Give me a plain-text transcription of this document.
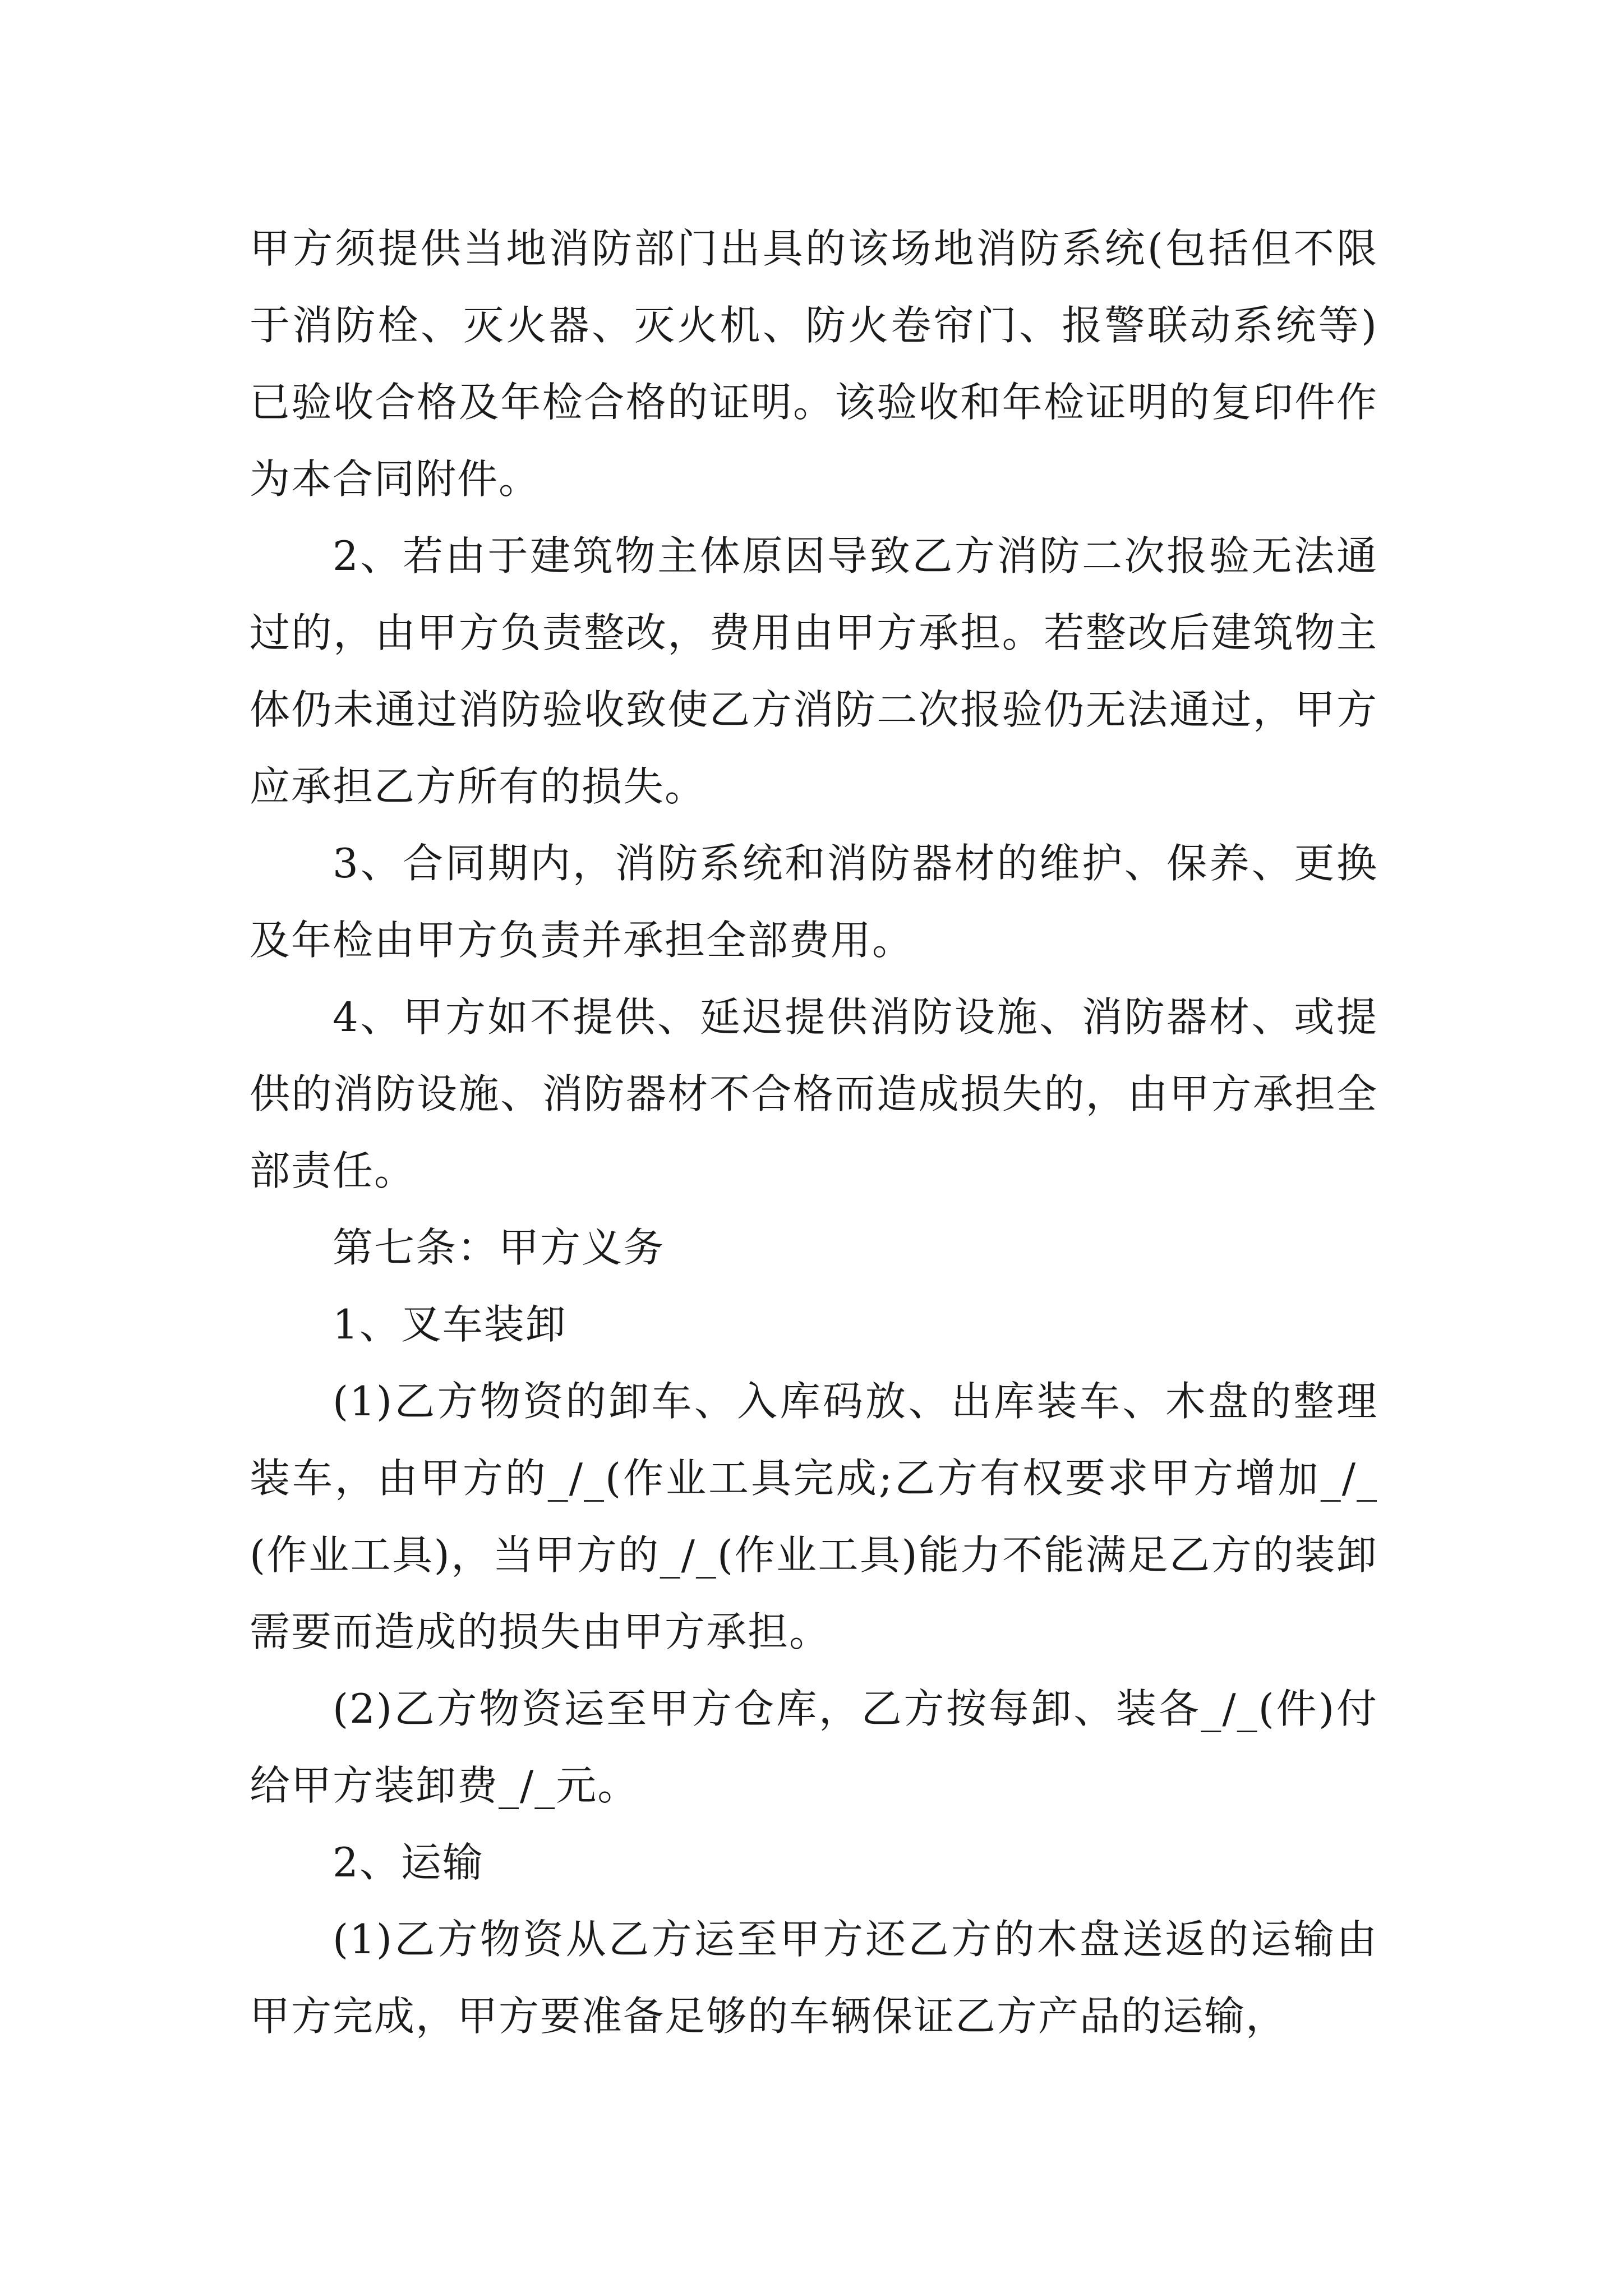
甲方须提供当地消防部门出具的该场地消防系统(包括但不限于消防栓、灭火器、灭火机、防火卷帘门、报警联动系统等)已验收合格及年检合格的证明。该验收和年检证明的复印件作为本合同附件。

2、若由于建筑物主体原因导致乙方消防二次报验无法通过的，由甲方负责整改，费用由甲方承担。若整改后建筑物主体仍未通过消防验收致使乙方消防二次报验仍无法通过，甲方应承担乙方所有的损失。

3、合同期内，消防系统和消防器材的维护、保养、更换及年检由甲方负责并承担全部费用。

4、甲方如不提供、延迟提供消防设施、消防器材、或提供的消防设施、消防器材不合格而造成损失的，由甲方承担全部责任。

第七条：甲方义务

1、叉车装卸

(1)乙方物资的卸车、入库码放、出库装车、木盘的整理装车，由甲方的_/_(作业工具完成;乙方有权要求甲方增加_/_(作业工具)，当甲方的_/_(作业工具)能力不能满足乙方的装卸需要而造成的损失由甲方承担。

(2)乙方物资运至甲方仓库，乙方按每卸、装各_/_(件)付给甲方装卸费_/_元。

2、运输

(1)乙方物资从乙方运至甲方还乙方的木盘送返的运输由甲方完成，甲方要准备足够的车辆保证乙方产品的运输，
